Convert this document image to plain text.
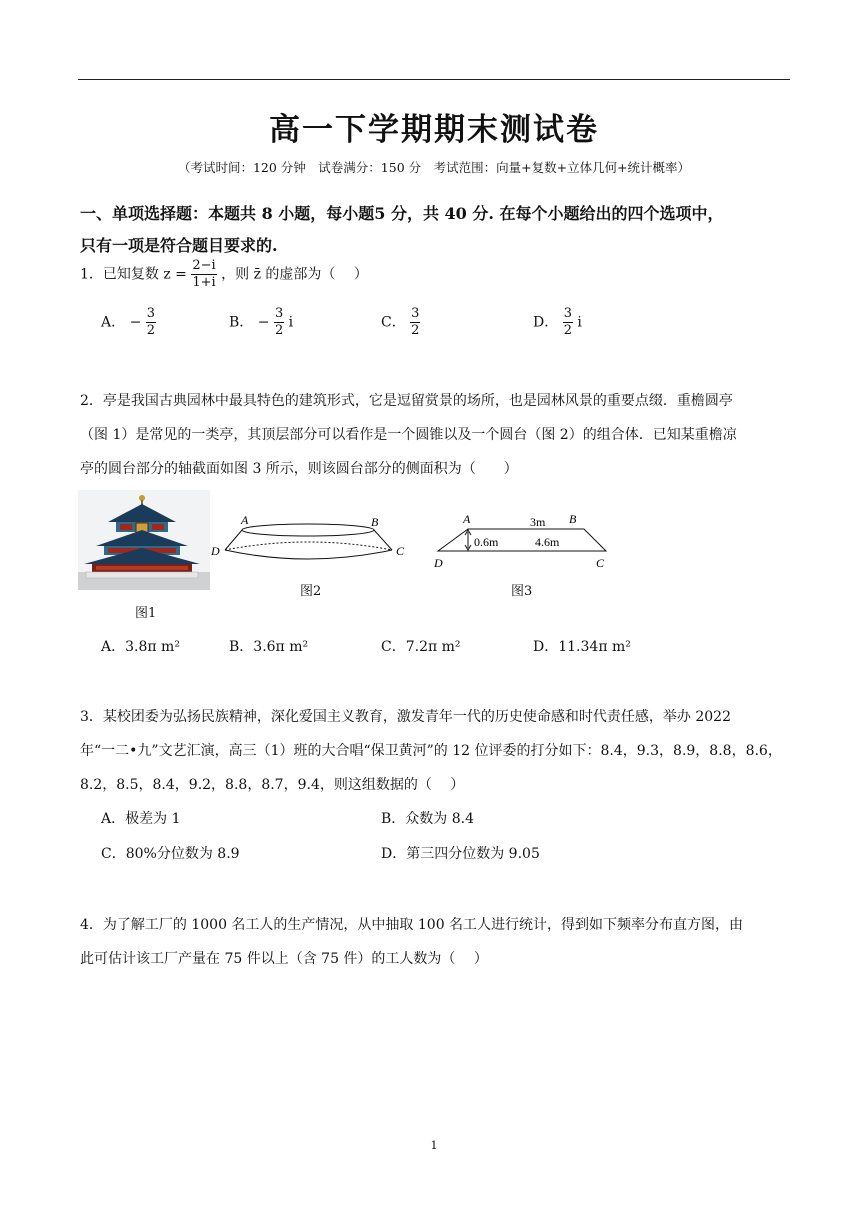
高一下学期期末测试卷
（考试时间：120 分钟　试卷满分：150 分　考试范围：向量+复数+立体几何+统计概率）
一、单项选择题：本题共 8 小题，每小题5 分，共 40 分. 在每个小题给出的四个选项中，
只有一项是符合题目要求的.
1．已知复数 $z = \frac{2-i}{1+i}$ ，则 z̄ 的虚部为（　 ）
A． − $\frac{3}{2}$	B． − $\frac{3}{2}$ i	C． $\frac{3}{2}$	D． $\frac{3}{2}$ i
2．亭是我国古典园林中最具特色的建筑形式，它是逗留赏景的场所，也是园林风景的重要点缀．重檐圆亭
（图 1）是常见的一类亭，其顶层部分可以看作是一个圆锥以及一个圆台（图 2）的组合体．已知某重檐凉
亭的圆台部分的轴截面如图 3 所示，则该圆台部分的侧面积为（　　）
图1
A	B
D	C
图2
A	B
D	C
3m
0.6m	4.6m
图3
A．3.8π m²	B．3.6π m²	C．7.2π m²	D．11.34π m²
3．某校团委为弘扬民族精神，深化爱国主义教育，激发青年一代的历史使命感和时代责任感，举办 2022
年“一二•九”文艺汇演，高三（1）班的大合唱“保卫黄河”的 12 位评委的打分如下：8.4，9.3，8.9，8.8，8.6，
8.2，8.5，8.4，9.2，8.8，8.7，9.4，则这组数据的（　 ）
A．极差为 1	B．众数为 8.4
C．80%分位数为 8.9	D．第三四分位数为 9.05
4．为了解工厂的 1000 名工人的生产情况，从中抽取 100 名工人进行统计，得到如下频率分布直方图，由
此可估计该工厂产量在 75 件以上（含 75 件）的工人数为（　 ）
1
